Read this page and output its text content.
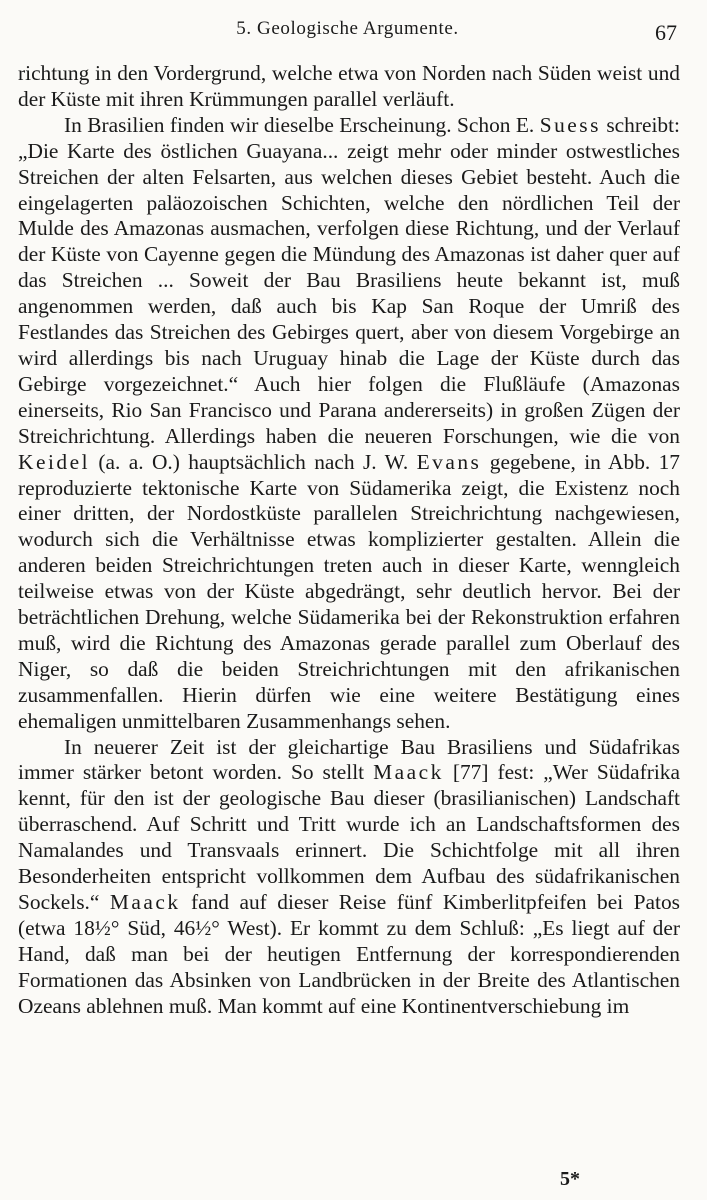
5. Geologische Argumente.	67

richtung in den Vordergrund, welche etwa von Norden nach Süden weist und der Küste mit ihren Krümmungen parallel verläuft.

In Brasilien finden wir dieselbe Erscheinung. Schon E. Suess schreibt: „Die Karte des östlichen Guayana... zeigt mehr oder minder ostwestliches Streichen der alten Felsarten, aus welchen dieses Gebiet besteht. Auch die eingelagerten paläozoischen Schichten, welche den nördlichen Teil der Mulde des Amazonas ausmachen, verfolgen diese Richtung, und der Verlauf der Küste von Cayenne gegen die Mündung des Amazonas ist daher quer auf das Streichen ... Soweit der Bau Brasiliens heute bekannt ist, muß angenommen werden, daß auch bis Kap San Roque der Umriß des Festlandes das Streichen des Gebirges quert, aber von diesem Vorgebirge an wird allerdings bis nach Uruguay hinab die Lage der Küste durch das Gebirge vorgezeichnet.“ Auch hier folgen die Flußläufe (Amazonas einerseits, Rio San Francisco und Parana andererseits) in großen Zügen der Streichrichtung. Allerdings haben die neueren Forschungen, wie die von Keidel (a. a. O.) hauptsächlich nach J. W. Evans gegebene, in Abb. 17 reproduzierte tektonische Karte von Südamerika zeigt, die Existenz noch einer dritten, der Nordostküste parallelen Streichrichtung nachgewiesen, wodurch sich die Verhältnisse etwas komplizierter gestalten. Allein die anderen beiden Streichrichtungen treten auch in dieser Karte, wenngleich teilweise etwas von der Küste abgedrängt, sehr deutlich hervor. Bei der beträchtlichen Drehung, welche Südamerika bei der Rekonstruktion erfahren muß, wird die Richtung des Amazonas gerade parallel zum Oberlauf des Niger, so daß die beiden Streichrichtungen mit den afrikanischen zusammenfallen. Hierin dürfen wie eine weitere Bestätigung eines ehemaligen unmittelbaren Zusammenhangs sehen.

In neuerer Zeit ist der gleichartige Bau Brasiliens und Südafrikas immer stärker betont worden. So stellt Maack [77] fest: „Wer Südafrika kennt, für den ist der geologische Bau dieser (brasilianischen) Landschaft überraschend. Auf Schritt und Tritt wurde ich an Landschaftsformen des Namalandes und Transvaals erinnert. Die Schichtfolge mit all ihren Besonderheiten entspricht vollkommen dem Aufbau des südafrikanischen Sockels.“ Maack fand auf dieser Reise fünf Kimberlitpfeifen bei Patos (etwa 18½° Süd, 46½° West). Er kommt zu dem Schluß: „Es liegt auf der Hand, daß man bei der heutigen Entfernung der korrespondierenden Formationen das Absinken von Landbrücken in der Breite des Atlantischen Ozeans ablehnen muß. Man kommt auf eine Kontinentverschiebung im

5*
